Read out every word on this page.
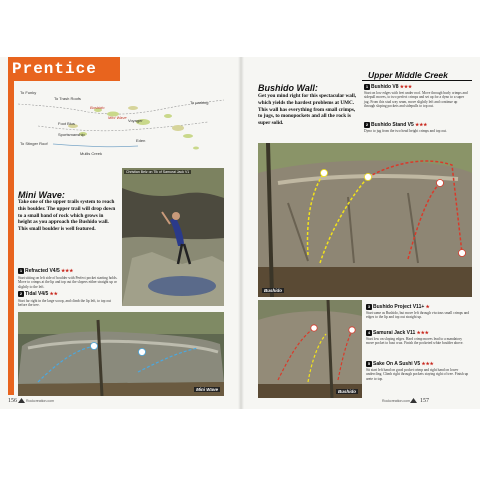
Prentice
To Funky
To Trash Roofs
Bushido
Mini Wave
Voyager
To parking
Foot Blus
Sportsmanship
Eden
To Stinger Roof
Mullis Creek
Mini Wave:
Take one of the upper trails system to reach this boulder. The upper trail will drop down to a small band of rock which grows in height as you approach the Bushido wall. This small boulder is well featured.
1 Refracted V4/5 ★★★
Start sitting on left side of boulder with Perfect pocket starting holds. Move to crimps at the lip and top out the slopers either straight up or slightly to the left.
2 Tidal V4/5 ★★
Start far right in the large scoop, and climb the lip left, to top out before the tree.
Christian Belz on Tik of Samurai Jack V1
Mini Wave
156	Rockcreation.com
Upper Middle Creek
Bushido Wall:
Get you mind right for this spectacular wall, which yields the hardest problems at UMC. This wall has everything from small crimps, to jugs, to monopockets and all the rock is super solid.
1 Bushido V8 ★★★
Start on low edges with feet under roof. Move through burly crimps and sidepull moves, to two perfect crimps and set up for a dyno to a super jug. From this stud way seam, move slightly left and continue up through sloping pockets and sidepulls to top out.
2 Bushido Stand V5 ★★★
Dyno to jug from the two head height crimps and top out.
Bushido
Bushido
3 Bushido Project V11+ ★
Start same as Bushido, but move left through viscious small crimps and edges to the lip and top out straight up.
4 Samurai Jack V11 ★★★
Start low on sloping edges. Hard crimp moves lead to a mandatory move pocket to bust crux. Finish the pocketed white boulder above.
5 Sake On A Sushi V5 ★★★
Sit start left hand on good pocket crimp and right hand on lower undercling. Climb right through pockets staying right of tree. Finish up arete to top.
Rockcreation.com 157
